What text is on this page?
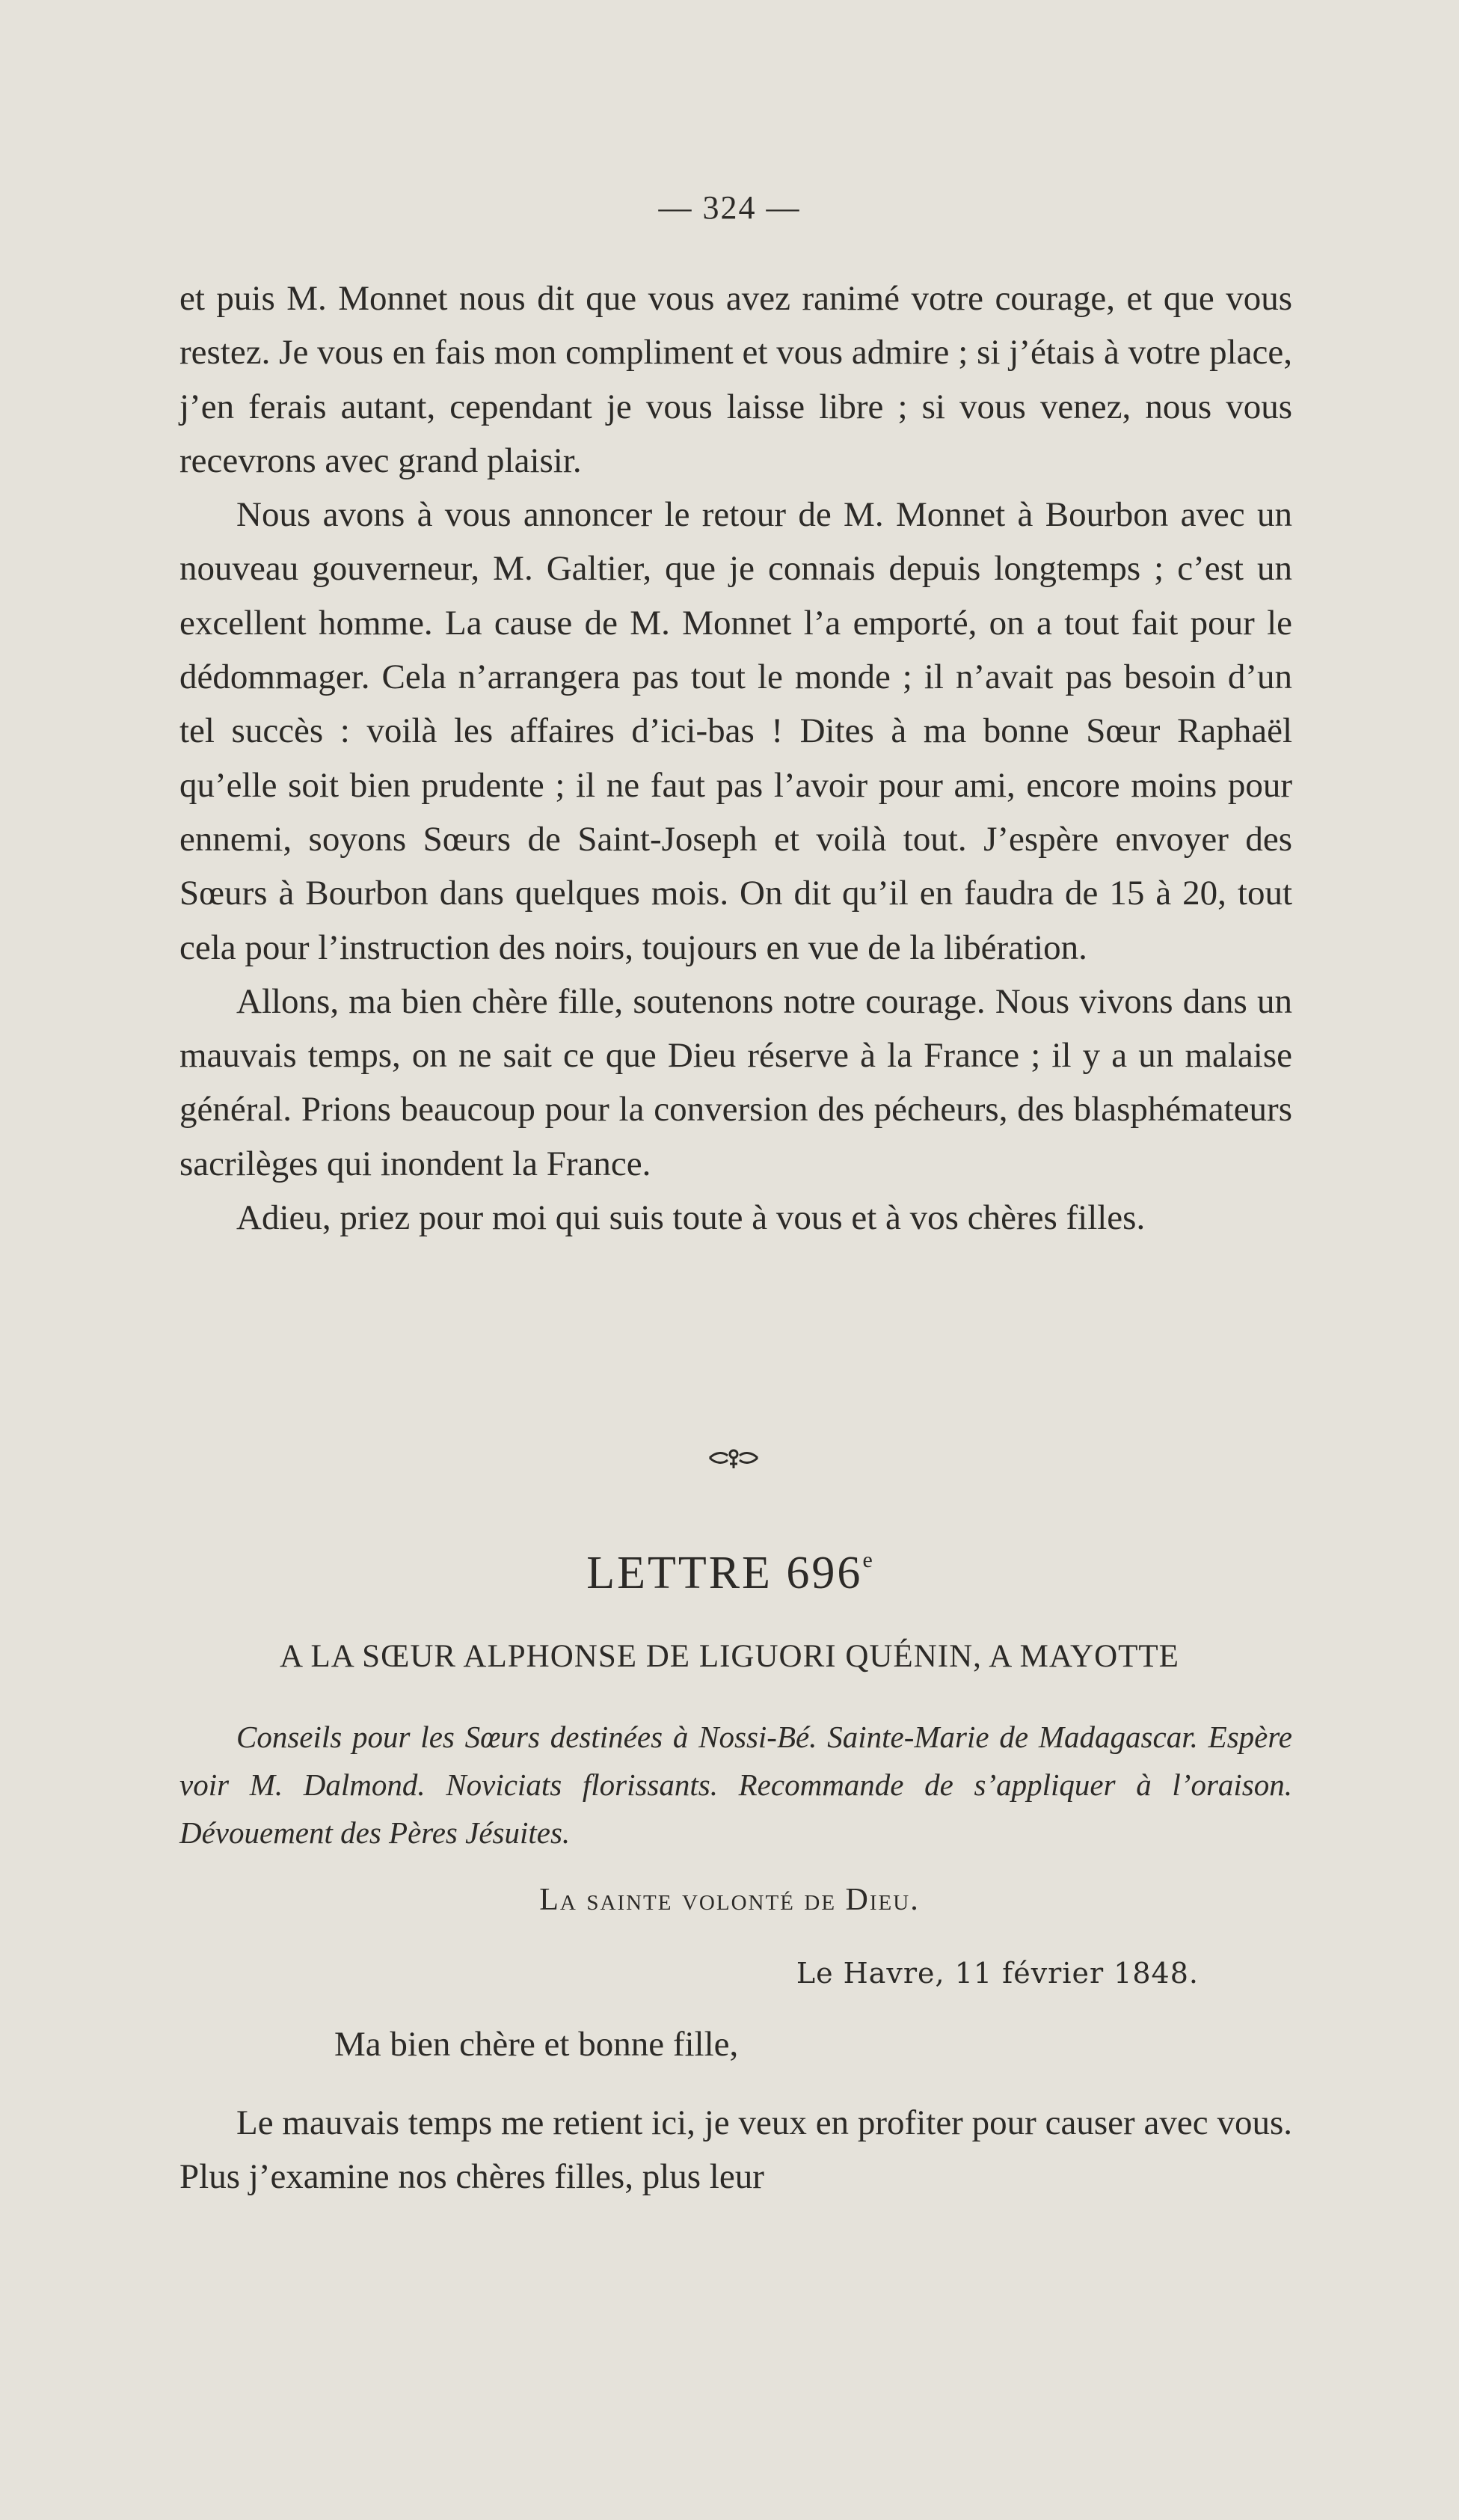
— 324 —

et puis M. Monnet nous dit que vous avez ranimé votre courage, et que vous restez. Je vous en fais mon compliment et vous admire ; si j’étais à votre place, j’en ferais autant, cependant je vous laisse libre ; si vous venez, nous vous recevrons avec grand plaisir.

Nous avons à vous annoncer le retour de M. Monnet à Bourbon avec un nouveau gouverneur, M. Galtier, que je connais depuis longtemps ; c’est un excellent homme. La cause de M. Monnet l’a emporté, on a tout fait pour le dédommager. Cela n’arrangera pas tout le monde ; il n’avait pas besoin d’un tel succès : voilà les affaires d’ici-bas ! Dites à ma bonne Sœur Raphaël qu’elle soit bien prudente ; il ne faut pas l’avoir pour ami, encore moins pour ennemi, soyons Sœurs de Saint-Joseph et voilà tout. J’espère envoyer des Sœurs à Bourbon dans quelques mois. On dit qu’il en faudra de 15 à 20, tout cela pour l’instruction des noirs, toujours en vue de la libération.

Allons, ma bien chère fille, soutenons notre courage. Nous vivons dans un mauvais temps, on ne sait ce que Dieu réserve à la France ; il y a un malaise général. Prions beaucoup pour la conversion des pécheurs, des blasphémateurs sacrilèges qui inondent la France.

Adieu, priez pour moi qui suis toute à vous et à vos chères filles.

LETTRE 696e
A LA SŒUR ALPHONSE DE LIGUORI QUÉNIN, A MAYOTTE
Conseils pour les Sœurs destinées à Nossi-Bé. Sainte-Marie de Madagascar. Espère voir M. Dalmond. Noviciats florissants. Recommande de s’appliquer à l’oraison. Dévouement des Pères Jésuites.
La sainte volonté de Dieu.
Le Havre, 11 février 1848.
Ma bien chère et bonne fille,
Le mauvais temps me retient ici, je veux en profiter pour causer avec vous. Plus j’examine nos chères filles, plus leur
